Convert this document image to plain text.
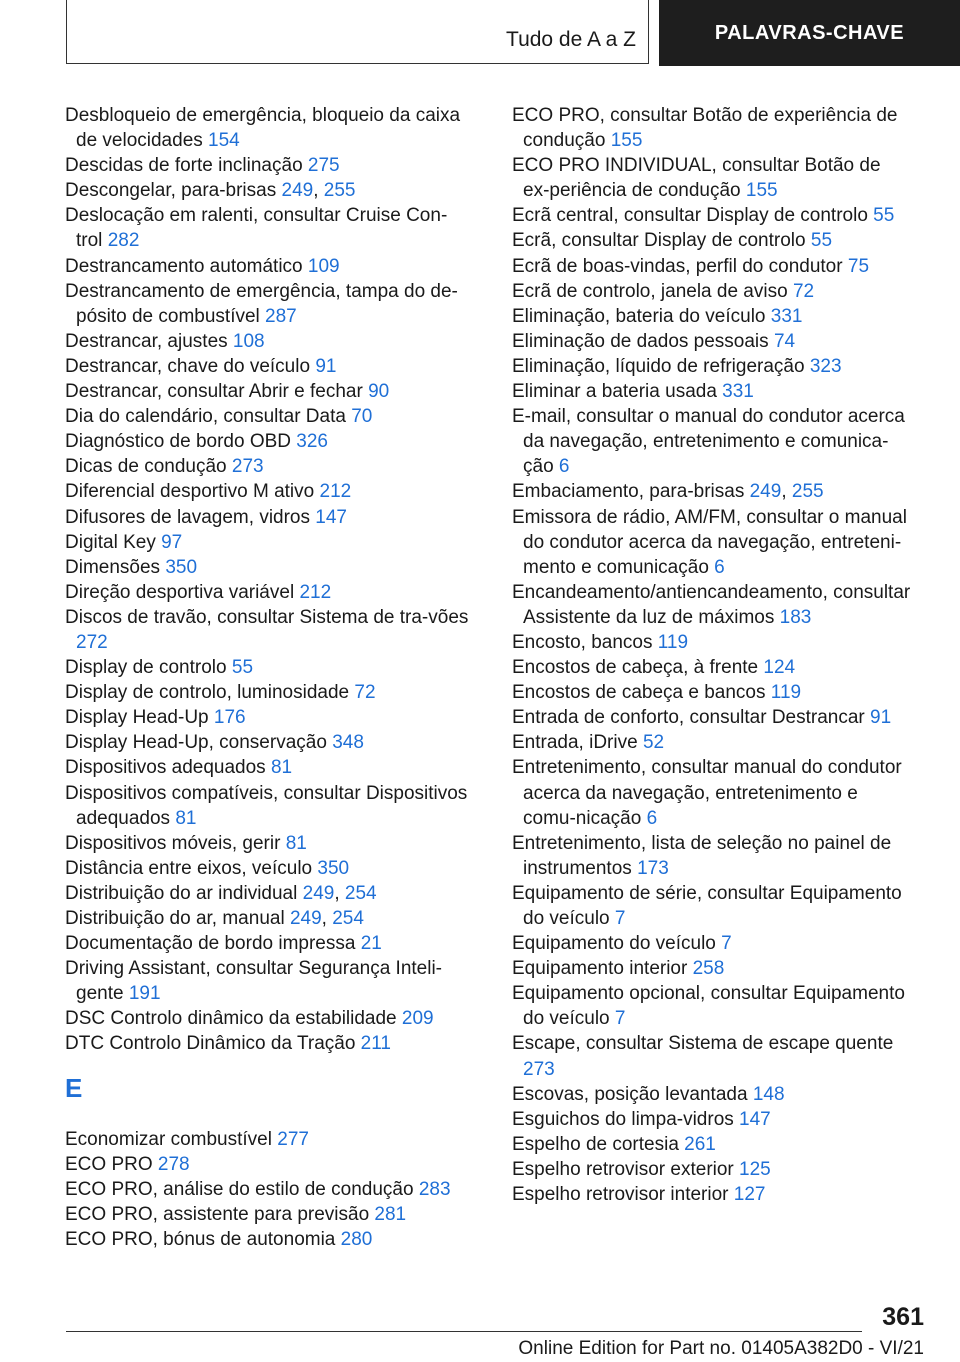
Tudo de A a Z	PALAVRAS-CHAVE
Desbloqueio de emergência, bloqueio da caixa de velocidades 154
Descidas de forte inclinação 275
Descongelar, para-brisas 249, 255
Deslocação em ralenti, consultar Cruise Con-trol 282
Destrancamento automático 109
Destrancamento de emergência, tampa do de-pósito de combustível 287
Destrancar, ajustes 108
Destrancar, chave do veículo 91
Destrancar, consultar Abrir e fechar 90
Dia do calendário, consultar Data 70
Diagnóstico de bordo OBD 326
Dicas de condução 273
Diferencial desportivo M ativo 212
Difusores de lavagem, vidros 147
Digital Key 97
Dimensões 350
Direção desportiva variável 212
Discos de travão, consultar Sistema de tra-vões 272
Display de controlo 55
Display de controlo, luminosidade 72
Display Head-Up 176
Display Head-Up, conservação 348
Dispositivos adequados 81
Dispositivos compatíveis, consultar Dispositivos adequados 81
Dispositivos móveis, gerir 81
Distância entre eixos, veículo 350
Distribuição do ar individual 249, 254
Distribuição do ar, manual 249, 254
Documentação de bordo impressa 21
Driving Assistant, consultar Segurança Inteli-gente 191
DSC Controlo dinâmico da estabilidade 209
DTC Controlo Dinâmico da Tração 211
E
Economizar combustível 277
ECO PRO 278
ECO PRO, análise do estilo de condução 283
ECO PRO, assistente para previsão 281
ECO PRO, bónus de autonomia 280
ECO PRO, consultar Botão de experiência de condução 155
ECO PRO INDIVIDUAL, consultar Botão de ex-periência de condução 155
Ecrã central, consultar Display de controlo 55
Ecrã, consultar Display de controlo 55
Ecrã de boas-vindas, perfil do condutor 75
Ecrã de controlo, janela de aviso 72
Eliminação, bateria do veículo 331
Eliminação de dados pessoais 74
Eliminação, líquido de refrigeração 323
Eliminar a bateria usada 331
E-mail, consultar o manual do condutor acerca da navegação, entretenimento e comunica-ção 6
Embaciamento, para-brisas 249, 255
Emissora de rádio, AM/FM, consultar o manual do condutor acerca da navegação, entreteni-mento e comunicação 6
Encandeamento/antiencandeamento, consultar Assistente da luz de máximos 183
Encosto, bancos 119
Encostos de cabeça, à frente 124
Encostos de cabeça e bancos 119
Entrada de conforto, consultar Destrancar 91
Entrada, iDrive 52
Entretenimento, consultar manual do condutor acerca da navegação, entretenimento e comu-nicação 6
Entretenimento, lista de seleção no painel de instrumentos 173
Equipamento de série, consultar Equipamento do veículo 7
Equipamento do veículo 7
Equipamento interior 258
Equipamento opcional, consultar Equipamento do veículo 7
Escape, consultar Sistema de escape quente 273
Escovas, posição levantada 148
Esguichos do limpa-vidros 147
Espelho de cortesia 261
Espelho retrovisor exterior 125
Espelho retrovisor interior 127
361
Online Edition for Part no. 01405A382D0 - VI/21
